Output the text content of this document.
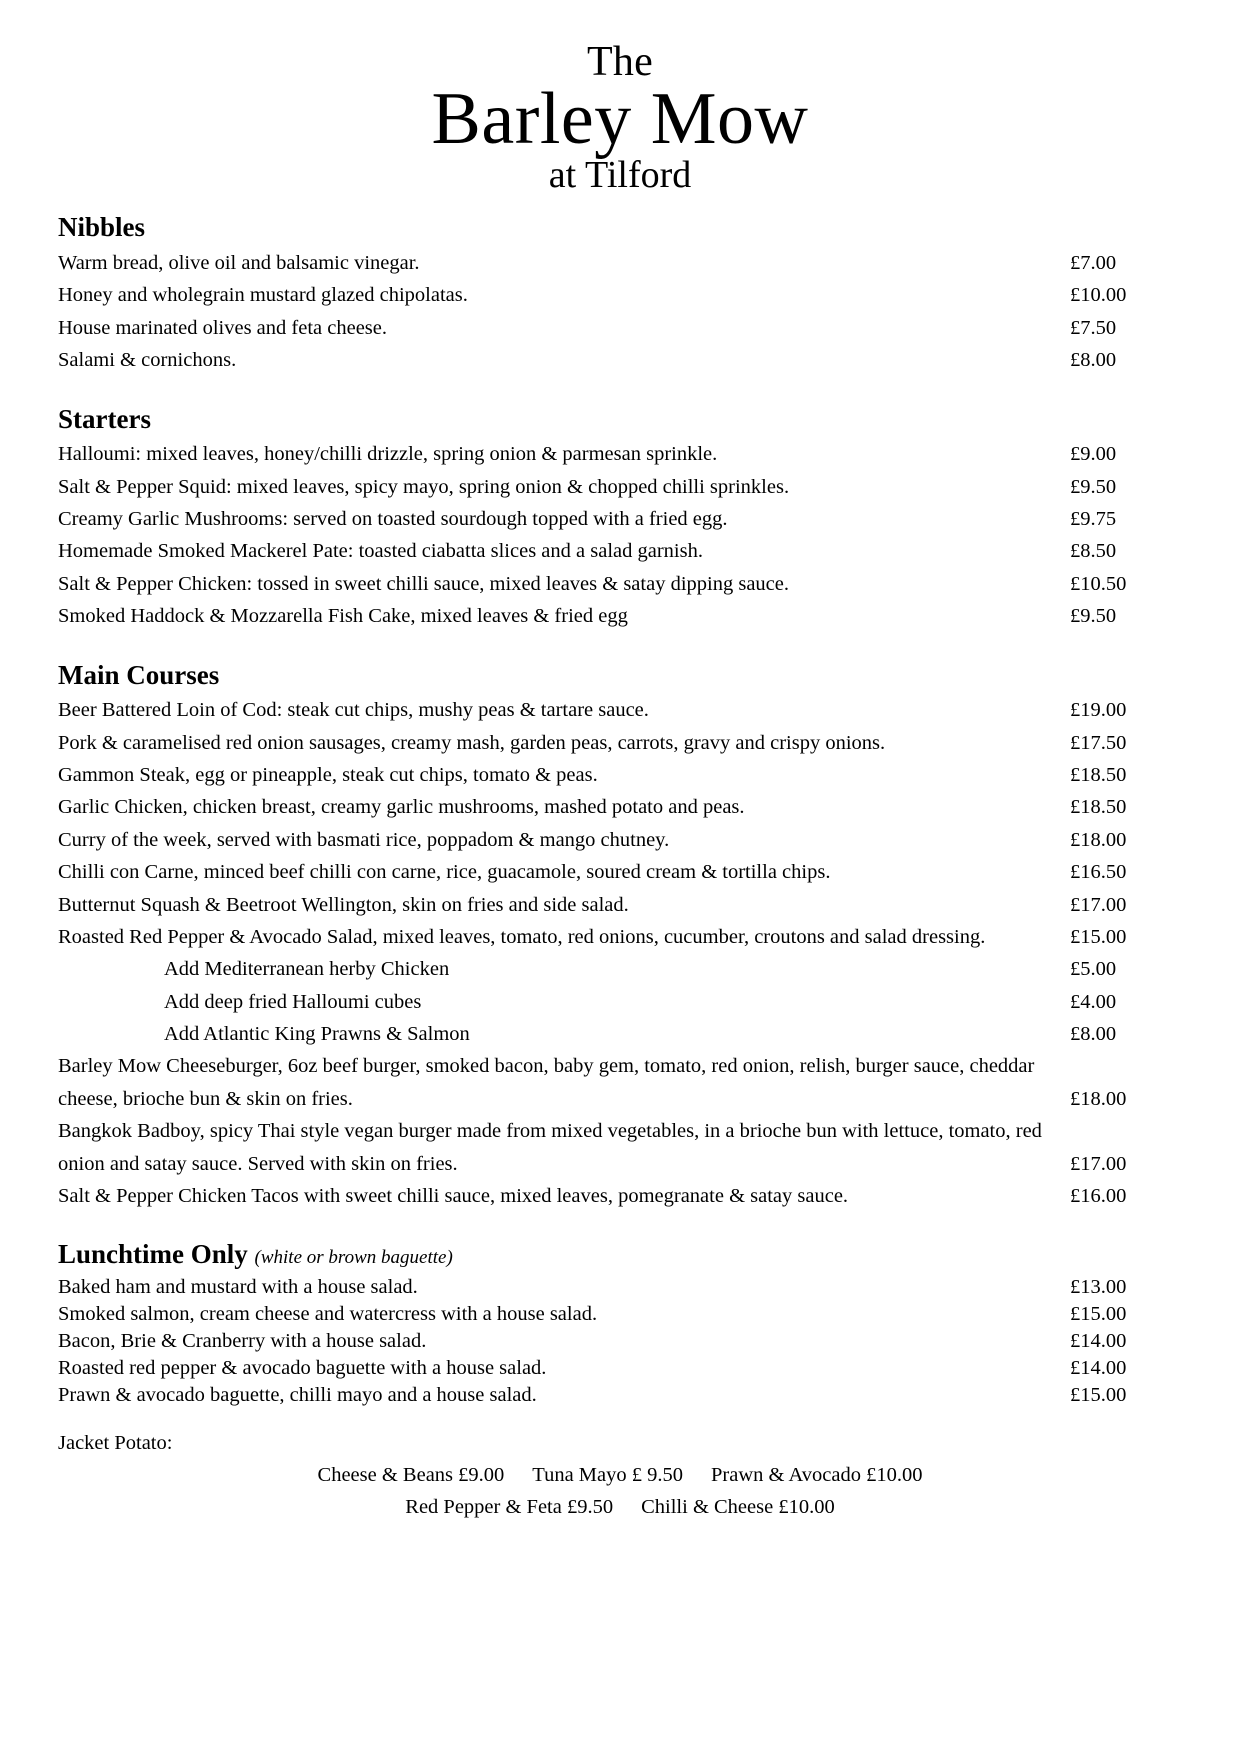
The
Barley Mow
at Tilford
Nibbles
Warm bread, olive oil and balsamic vinegar.	£7.00
Honey and wholegrain mustard glazed chipolatas.	£10.00
House marinated olives and feta cheese.	£7.50
Salami & cornichons.	£8.00
Starters
Halloumi: mixed leaves, honey/chilli drizzle, spring onion & parmesan sprinkle.	£9.00
Salt & Pepper Squid: mixed leaves, spicy mayo, spring onion & chopped chilli sprinkles.	£9.50
Creamy Garlic Mushrooms: served on toasted sourdough topped with a fried egg.	£9.75
Homemade Smoked Mackerel Pate: toasted ciabatta slices and a salad garnish.	£8.50
Salt & Pepper Chicken: tossed in sweet chilli sauce, mixed leaves & satay dipping sauce.	£10.50
Smoked Haddock & Mozzarella Fish Cake, mixed leaves & fried egg	£9.50
Main Courses
Beer Battered Loin of Cod: steak cut chips, mushy peas & tartare sauce.	£19.00
Pork & caramelised red onion sausages, creamy mash, garden peas, carrots, gravy and crispy onions.	£17.50
Gammon Steak, egg or pineapple, steak cut chips, tomato & peas.	£18.50
Garlic Chicken, chicken breast, creamy garlic mushrooms, mashed potato and peas.	£18.50
Curry of the week, served with basmati rice, poppadom & mango chutney.	£18.00
Chilli con Carne, minced beef chilli con carne, rice, guacamole, soured cream & tortilla chips.	£16.50
Butternut Squash & Beetroot Wellington, skin on fries and side salad.	£17.00
Roasted Red Pepper & Avocado Salad, mixed leaves, tomato, red onions, cucumber, croutons and salad dressing.	£15.00
Add Mediterranean herby Chicken	£5.00
Add deep fried Halloumi cubes	£4.00
Add Atlantic King Prawns & Salmon	£8.00
Barley Mow Cheeseburger, 6oz beef burger, smoked bacon, baby gem, tomato, red onion, relish, burger sauce, cheddar cheese, brioche bun & skin on fries.	£18.00
Bangkok Badboy, spicy Thai style vegan burger made from mixed vegetables, in a brioche bun with lettuce, tomato, red onion and satay sauce. Served with skin on fries.	£17.00
Salt & Pepper Chicken Tacos with sweet chilli sauce, mixed leaves, pomegranate & satay sauce.	£16.00
Lunchtime Only (white or brown baguette)
Baked ham and mustard with a house salad.	£13.00
Smoked salmon, cream cheese and watercress with a house salad.	£15.00
Bacon, Brie & Cranberry with a house salad.	£14.00
Roasted red pepper & avocado baguette with a house salad.	£14.00
Prawn & avocado baguette, chilli mayo and a house salad.	£15.00
Jacket Potato:
Cheese & Beans £9.00 Tuna Mayo £ 9.50 Prawn & Avocado £10.00
Red Pepper & Feta £9.50 Chilli & Cheese £10.00
